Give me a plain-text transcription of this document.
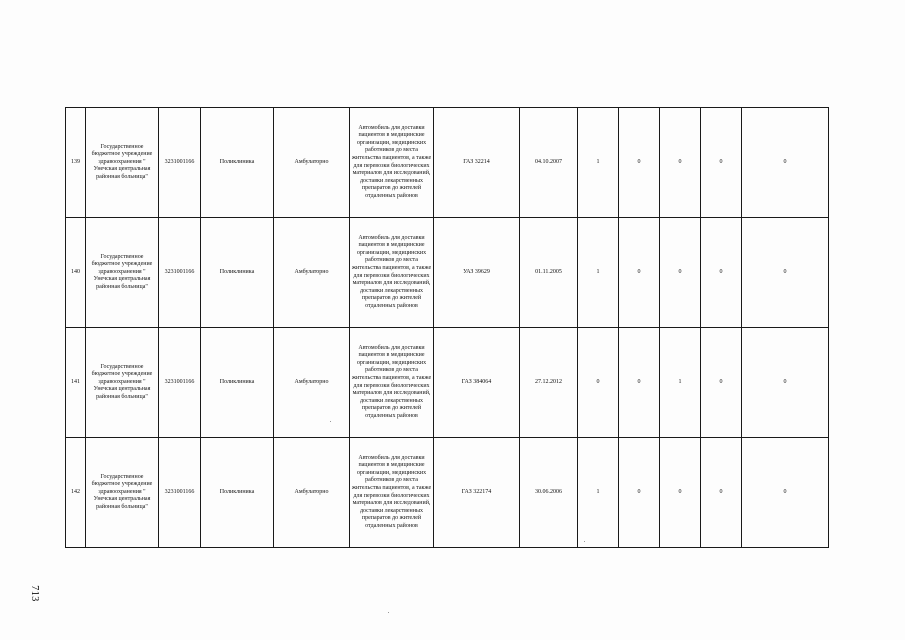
139	Государственное бюджетное учреждение здравоохранения " Унечская центральная районная больница"	3231001166	Поликлиника	Амбулаторно	Автомобиль для доставки пациентов в медицинские организации, медицинских работников до места жительства пациентов, а также для перевозки биологических материалов для исследований, доставки лекарственных препаратов до жителей отдаленных районов	ГАЗ 32214	04.10.2007	1	0	0	0	0
140	Государственное бюджетное учреждение здравоохранения " Унечская центральная районная больница"	3231001166	Поликлиника	Амбулаторно	Автомобиль для доставки пациентов в медицинские организации, медицинских работников до места жительства пациентов, а также для перевозки биологических материалов для исследований, доставки лекарственных препаратов до жителей отдаленных районов	УАЗ 39629	01.11.2005	1	0	0	0	0
141	Государственное бюджетное учреждение здравоохранения " Унечская центральная районная больница"	3231001166	Поликлиника	Амбулаторно	Автомобиль для доставки пациентов в медицинские организации, медицинских работников до места жительства пациентов, а также для перевозки биологических материалов для исследований, доставки лекарственных препаратов до жителей отдаленных районов	ГАЗ 384064	27.12.2012	0	0	1	0	0
142	Государственное бюджетное учреждение здравоохранения " Унечская центральная районная больница"	3231001166	Поликлиника	Амбулаторно	Автомобиль для доставки пациентов в медицинские организации, медицинских работников до места жительства пациентов, а также для перевозки биологических материалов для исследований, доставки лекарственных препаратов до жителей отдаленных районов	ГАЗ 322174	30.06.2006	1	0	0	0	0
713
